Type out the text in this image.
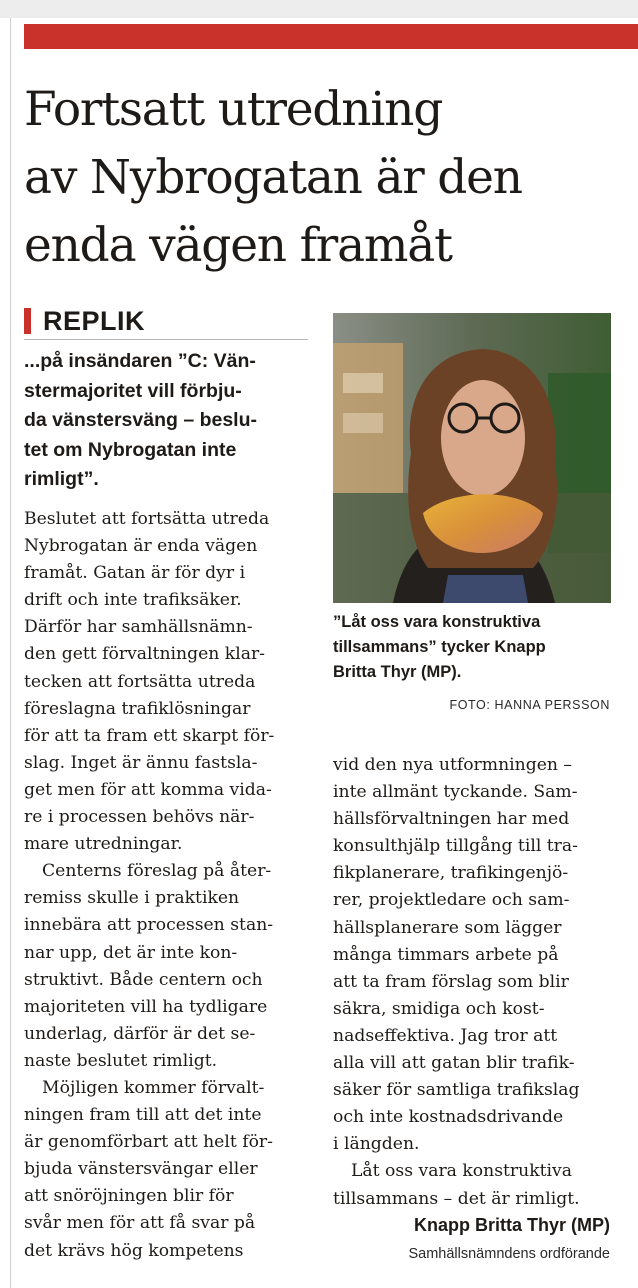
Fortsatt utredning
av Nybrogatan är den
enda vägen framåt
REPLIK

...på insändaren ”C: Vän-
stermajoritet vill förbju-
da vänstersväng – beslu-
tet om Nybrogatan inte
rimligt”.

Beslutet att fortsätta utreda
Nybrogatan är enda vägen
framåt. Gatan är för dyr i
drift och inte trafiksäker.
Därför har samhällsnämn-
den gett förvaltningen klar-
tecken att fortsätta utreda
föreslagna trafiklösningar
för att ta fram ett skarpt för-
slag. Inget är ännu fastsla-
get men för att komma vida-
re i processen behövs när-
mare utredningar.
Centerns föreslag på åter-
remiss skulle i praktiken
innebära att processen stan-
nar upp, det är inte kon-
struktivt. Både centern och
majoriteten vill ha tydligare
underlag, därför är det se-
naste beslutet rimligt.
Möjligen kommer förvalt-
ningen fram till att det inte
är genomförbart att helt för-
bjuda vänstersvängar eller
att snöröjningen blir för
svår men för att få svar på
det krävs hög kompetens

”Låt oss vara konstruktiva
tillsammans” tycker Knapp
Britta Thyr (MP).

FOTO: HANNA PERSSON
vid den nya utformningen –
inte allmänt tyckande. Sam-
hällsförvaltningen har med
konsulthjälp tillgång till tra-
fikplanerare, trafikingenjö-
rer, projektledare och sam-
hällsplanerare som lägger
många timmars arbete på
att ta fram förslag som blir
säkra, smidiga och kost-
nadseffektiva. Jag tror att
alla vill att gatan blir trafik-
säker för samtliga trafikslag
och inte kostnadsdrivande
i längden.
Låt oss vara konstruktiva
tillsammans – det är rimligt.
Knapp Britta Thyr (MP)
Samhällsnämndens ordförande
